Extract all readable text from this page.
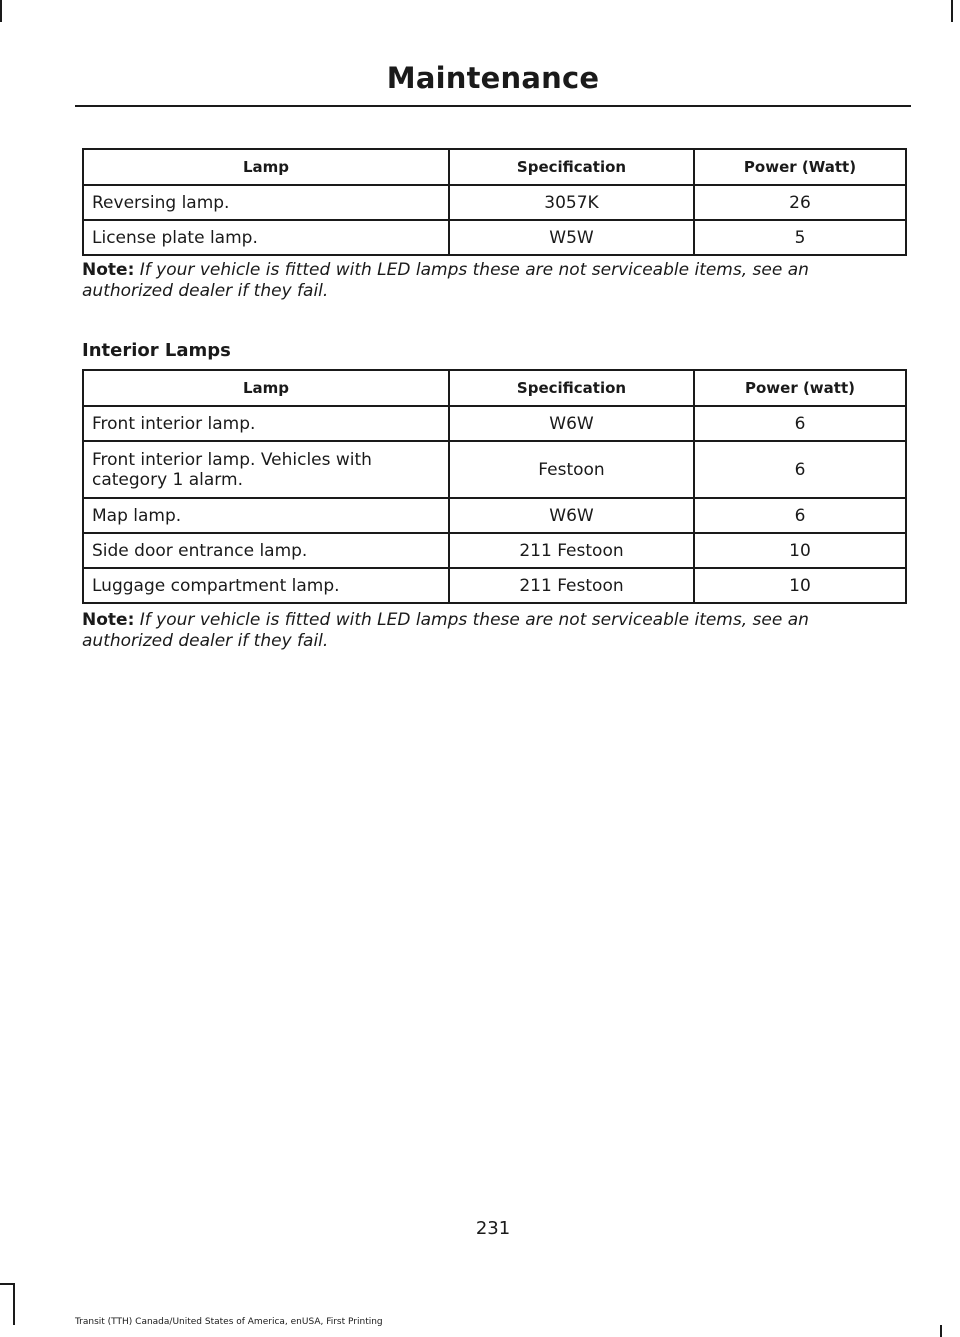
Maintenance
Lamp	Specification	Power (Watt)
Reversing lamp.	3057K	26
License plate lamp.	W5W	5
Note: If your vehicle is fitted with LED lamps these are not serviceable items, see an authorized dealer if they fail.
Interior Lamps
Lamp	Specification	Power (watt)
Front interior lamp.	W6W	6
Front interior lamp. Vehicles with category 1 alarm.	Festoon	6
Map lamp.	W6W	6
Side door entrance lamp.	211 Festoon	10
Luggage compartment lamp.	211 Festoon	10
Note: If your vehicle is fitted with LED lamps these are not serviceable items, see an authorized dealer if they fail.
231
Transit (TTH) Canada/United States of America, enUSA, First Printing
